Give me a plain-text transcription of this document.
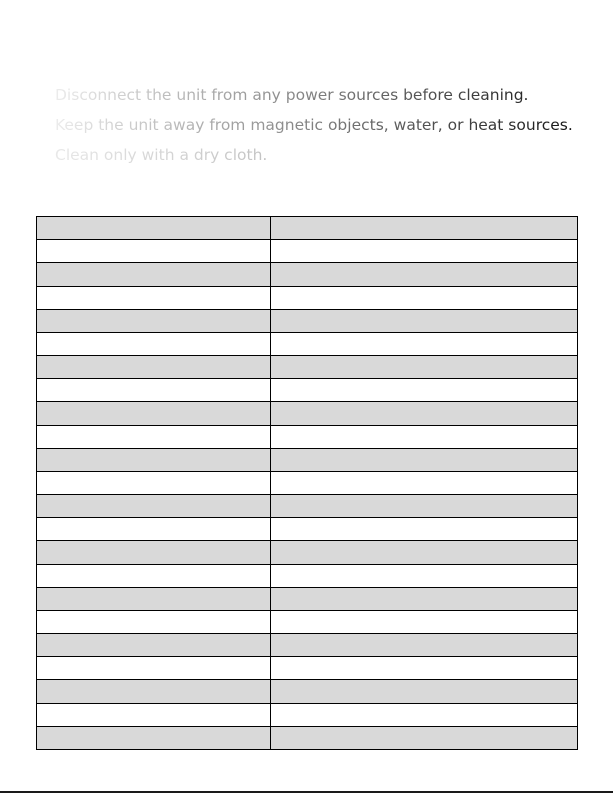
Disconnect the unit from any power sources before cleaning.
Keep the unit away from magnetic objects, water, or heat sources.
Clean only with a dry cloth.
